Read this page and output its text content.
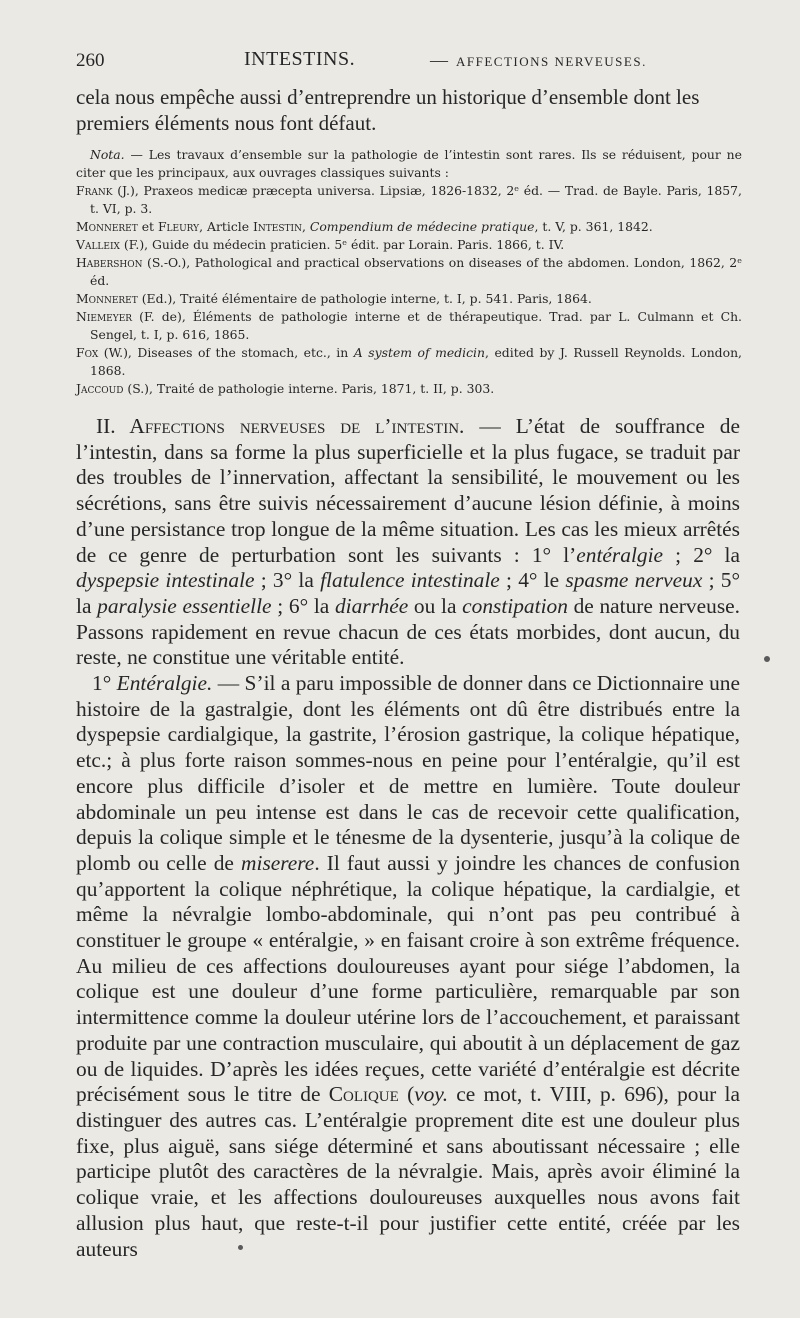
260	INTESTINS.	— AFFECTIONS NERVEUSES.
cela nous empêche aussi d’entreprendre un historique d’ensemble dont les premiers éléments nous font défaut.

Nota. — Les travaux d’ensemble sur la pathologie de l’intestin sont rares. Ils se réduisent, pour ne citer que les principaux, aux ouvrages classiques suivants :

Frank (J.), Praxeos medicæ præcepta universa. Lipsiæ, 1826-1832, 2ᵉ éd. — Trad. de Bayle. Paris, 1857, t. VI, p. 3.

Monneret et Fleury, Article Intestin, Compendium de médecine pratique, t. V, p. 361, 1842.

Valleix (F.), Guide du médecin praticien. 5ᵉ édit. par Lorain. Paris. 1866, t. IV.

Habershon (S.-O.), Pathological and practical observations on diseases of the abdomen. London, 1862, 2ᵉ éd.

Monneret (Ed.), Traité élémentaire de pathologie interne, t. I, p. 541. Paris, 1864.

Niemeyer (F. de), Éléments de pathologie interne et de thérapeutique. Trad. par L. Culmann et Ch. Sengel, t. I, p. 616, 1865.

Fox (W.), Diseases of the stomach, etc., in A system of medicin, edited by J. Russell Reynolds. London, 1868.

Jaccoud (S.), Traité de pathologie interne. Paris, 1871, t. II, p. 303.

II. Affections nerveuses de l’intestin. — L’état de souffrance de l’intestin, dans sa forme la plus superficielle et la plus fugace, se traduit par des troubles de l’innervation, affectant la sensibilité, le mouvement ou les sécrétions, sans être suivis nécessairement d’aucune lésion définie, à moins d’une persistance trop longue de la même situation. Les cas les mieux arrêtés de ce genre de perturbation sont les suivants : 1° l’entéralgie ; 2° la dyspepsie intestinale ; 3° la flatulence intestinale ; 4° le spasme nerveux ; 5° la paralysie essentielle ; 6° la diarrhée ou la constipation de nature nerveuse. Passons rapidement en revue chacun de ces états morbides, dont aucun, du reste, ne constitue une véritable entité.

1° Entéralgie. — S’il a paru impossible de donner dans ce Dictionnaire une histoire de la gastralgie, dont les éléments ont dû être distribués entre la dyspepsie cardialgique, la gastrite, l’érosion gastrique, la colique hépatique, etc.; à plus forte raison sommes-nous en peine pour l’entéralgie, qu’il est encore plus difficile d’isoler et de mettre en lumière. Toute douleur abdominale un peu intense est dans le cas de recevoir cette qualification, depuis la colique simple et le ténesme de la dysenterie, jusqu’à la colique de plomb ou celle de miserere. Il faut aussi y joindre les chances de confusion qu’apportent la colique néphrétique, la colique hépatique, la cardialgie, et même la névralgie lombo-abdominale, qui n’ont pas peu contribué à constituer le groupe « entéralgie, » en faisant croire à son extrême fréquence. Au milieu de ces affections douloureuses ayant pour siége l’abdomen, la colique est une douleur d’une forme particulière, remarquable par son intermittence comme la douleur utérine lors de l’accouchement, et paraissant produite par une contraction musculaire, qui aboutit à un déplacement de gaz ou de liquides. D’après les idées reçues, cette variété d’entéralgie est décrite précisément sous le titre de Colique (voy. ce mot, t. VIII, p. 696), pour la distinguer des autres cas. L’entéralgie proprement dite est une douleur plus fixe, plus aiguë, sans siége déterminé et sans aboutissant nécessaire ; elle participe plutôt des caractères de la névralgie. Mais, après avoir éliminé la colique vraie, et les affections douloureuses auxquelles nous avons fait allusion plus haut, que reste-t-il pour justifier cette entité, créée par les auteurs
